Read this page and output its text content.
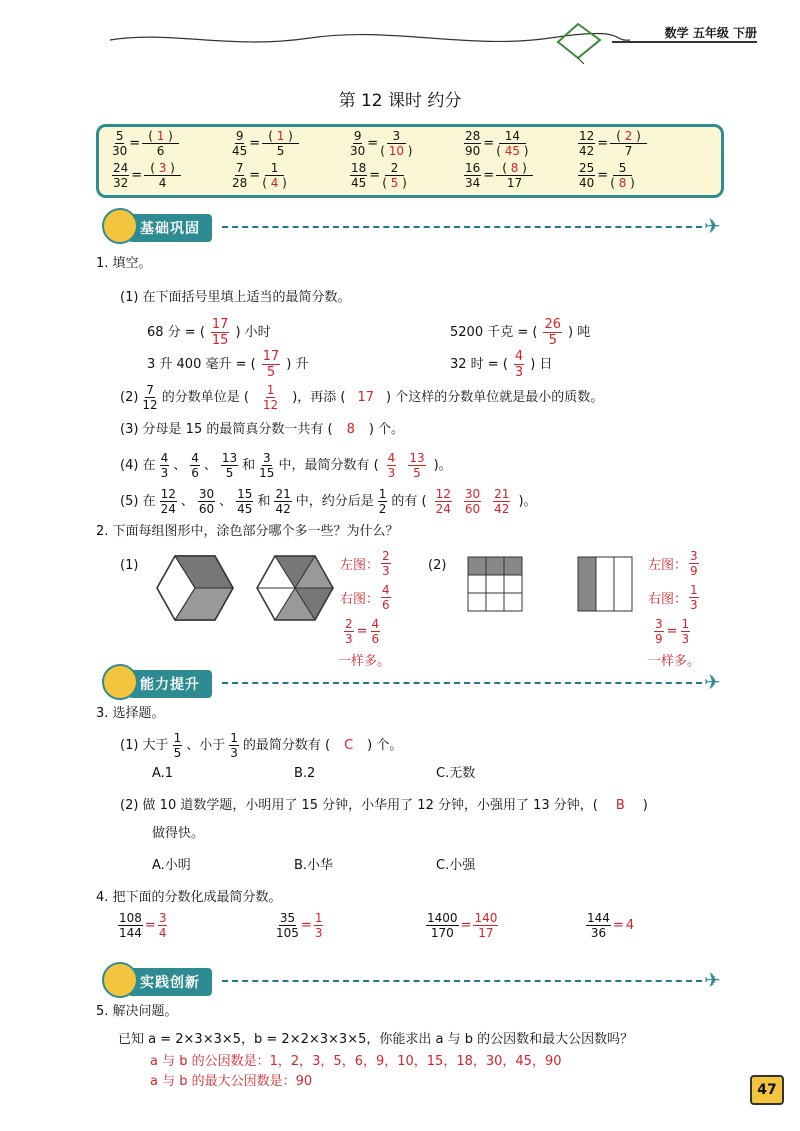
数学 五年级 下册
第 12 课时 约分
$\frac{5}{30} = \frac{( 1 )}{6}$	$\frac{9}{45} = \frac{( 1 )}{5}$	$\frac{9}{30} = \frac{3}{( 10 )}$	$\frac{28}{90} = \frac{14}{( 45 )}$	$\frac{12}{42} = \frac{( 2 )}{7}$
$\frac{24}{32} = \frac{( 3 )}{4}$	$\frac{7}{28} = \frac{1}{( 4 )}$	$\frac{18}{45} = \frac{2}{( 5 )}$	$\frac{16}{34} = \frac{( 8 )}{17}$	$\frac{25}{40} = \frac{5}{( 8 )}$
基础巩固	✈
1. 填空。
(1) 在下面括号里填上适当的最简分数。
68 分 = ( $\frac{17}{15}$ ) 小时	5200 千克 = ( $\frac{26}{5}$ ) 吨
3 升 400 毫升 = ( $\frac{17}{5}$ ) 升	32 时 = ( $\frac{4}{3}$ ) 日
$(2) \frac{7}{12}$ 的分数单位是 ( $\frac{1}{12}$ )，再添 ( 17 ) 个这样的分数单位就是最小的质数。
(3) 分母是 15 的最简真分数一共有 ( 8 ) 个。
(4) 在 $\frac{4}{3}$ 、 $\frac{4}{6}$ 、 $\frac{13}{5}$ 和 $\frac{3}{15}$ 中，最简分数有 ( $\frac{4}{3} \frac{13}{5}$ )。
(5) 在 $\frac{12}{24}$ 、 $\frac{30}{60}$ 、 $\frac{15}{45}$ 和 $\frac{21}{42}$ 中，约分后是 $\frac{1}{2}$ 的有 ( $\frac{12}{24} \frac{30}{60} \frac{21}{42}$ )。
2. 下面每组图形中，涂色部分哪个多一些？为什么？
(1)	左图： $\frac{2}{3}$
右图： $\frac{4}{6}$
$\frac{2}{3} = \frac{4}{6}$
一样多。
(2)	左图： $\frac{3}{9}$
右图： $\frac{1}{3}$
$\frac{3}{9} = \frac{1}{3}$
一样多。
能力提升	✈
3. 选择题。
(1) 大于 $\frac{1}{5}$ 、小于 $\frac{1}{3}$ 的最简分数有 ( C ) 个。
A.1	B.2	C.无数
(2) 做 10 道数学题，小明用了 15 分钟，小华用了 12 分钟，小强用了 13 分钟，( B )
做得快。
A.小明	B.小华	C.小强
4. 把下面的分数化成最简分数。
$\frac{108}{144} = \frac{3}{4}$	$\frac{35}{105} = \frac{1}{3}$	$\frac{1400}{170} = \frac{140}{17}$	$\frac{144}{36} = 4$
实践创新	✈
5. 解决问题。
已知 a = 2×3×3×5，b = 2×2×3×3×5，你能求出 a 与 b 的公因数和最大公因数吗？
a 与 b 的公因数是：1，2，3，5，6，9，10，15，18，30，45，90
a 与 b 的最大公因数是：90
47
